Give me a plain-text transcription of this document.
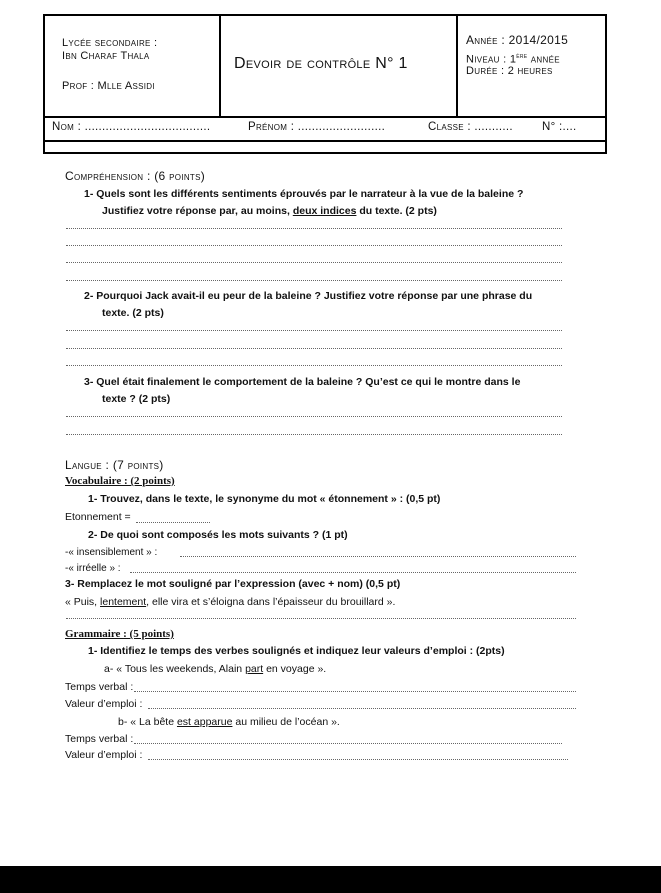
Lycée secondaire :
Ibn Charaf Thala
Prof : Mlle Assidi
Devoir de contrôle N° 1
Année : 2014/2015
Niveau : 1ère année
Durée : 2 heures
Nom : ....................................	Prénom : .........................	Classe : ...........	N° :....
Compréhension : (6 points)
1- Quels sont les différents sentiments éprouvés par le narrateur à la vue de la baleine ?
Justifiez votre réponse par, au moins, deux indices du texte. (2 pts)
2- Pourquoi Jack avait-il eu peur de la baleine ? Justifiez votre réponse par une phrase du
texte. (2 pts)
3- Quel était finalement le comportement de la baleine ? Qu’est ce qui le montre dans le
texte ? (2 pts)
Langue : (7 points)
Vocabulaire : (2 points)
1- Trouvez, dans le texte, le synonyme du mot « étonnement » : (0,5 pt)
Etonnement =
2- De quoi sont composés les mots suivants ? (1 pt)
-« insensiblement » :
-« irréelle » :
3- Remplacez le mot souligné par l’expression (avec + nom) (0,5 pt)
« Puis, lentement, elle vira et s’éloigna dans l’épaisseur du brouillard ».
Grammaire : (5 points)
1- Identifiez le temps des verbes soulignés et indiquez leur valeurs d’emploi : (2pts)
a- « Tous les weekends, Alain part en voyage ».
Temps verbal :
Valeur d’emploi :
b- « La bête est apparue au milieu de l’océan ».
Temps verbal :
Valeur d’emploi :
